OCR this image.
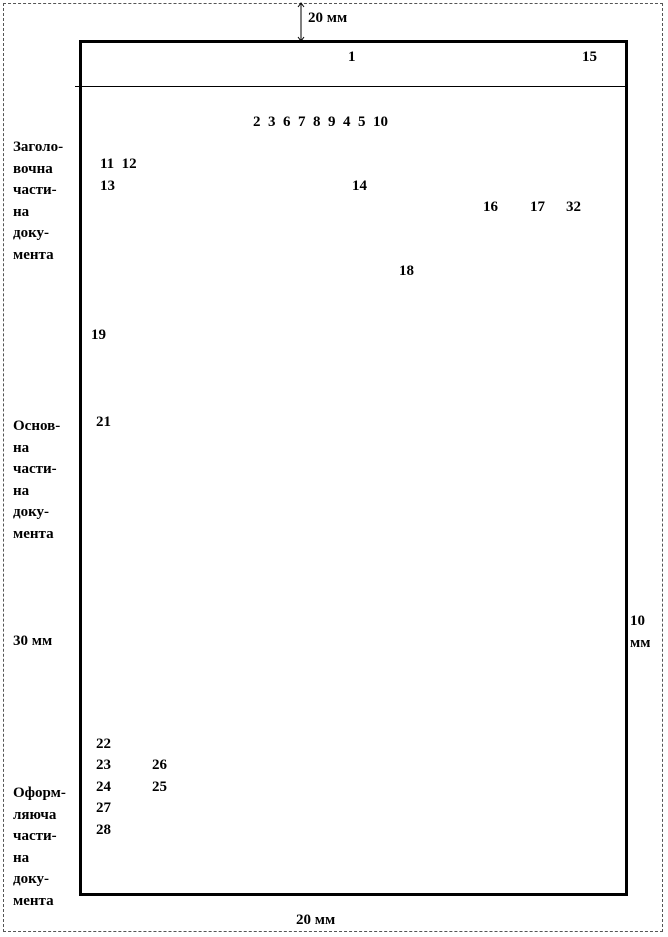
20 мм
20 мм
30 мм
10
мм
Заголо-
вочна
части-
на
доку-
мента
Основ-
на
части-
на
доку-
мента
Оформ-
ляюча
части-
на
доку-
мента
1	15
2  3  6  7  8  9  4  5  10
11  12
13	14
16 17 32
18
19
21
22
23	26
24	25
27
28
